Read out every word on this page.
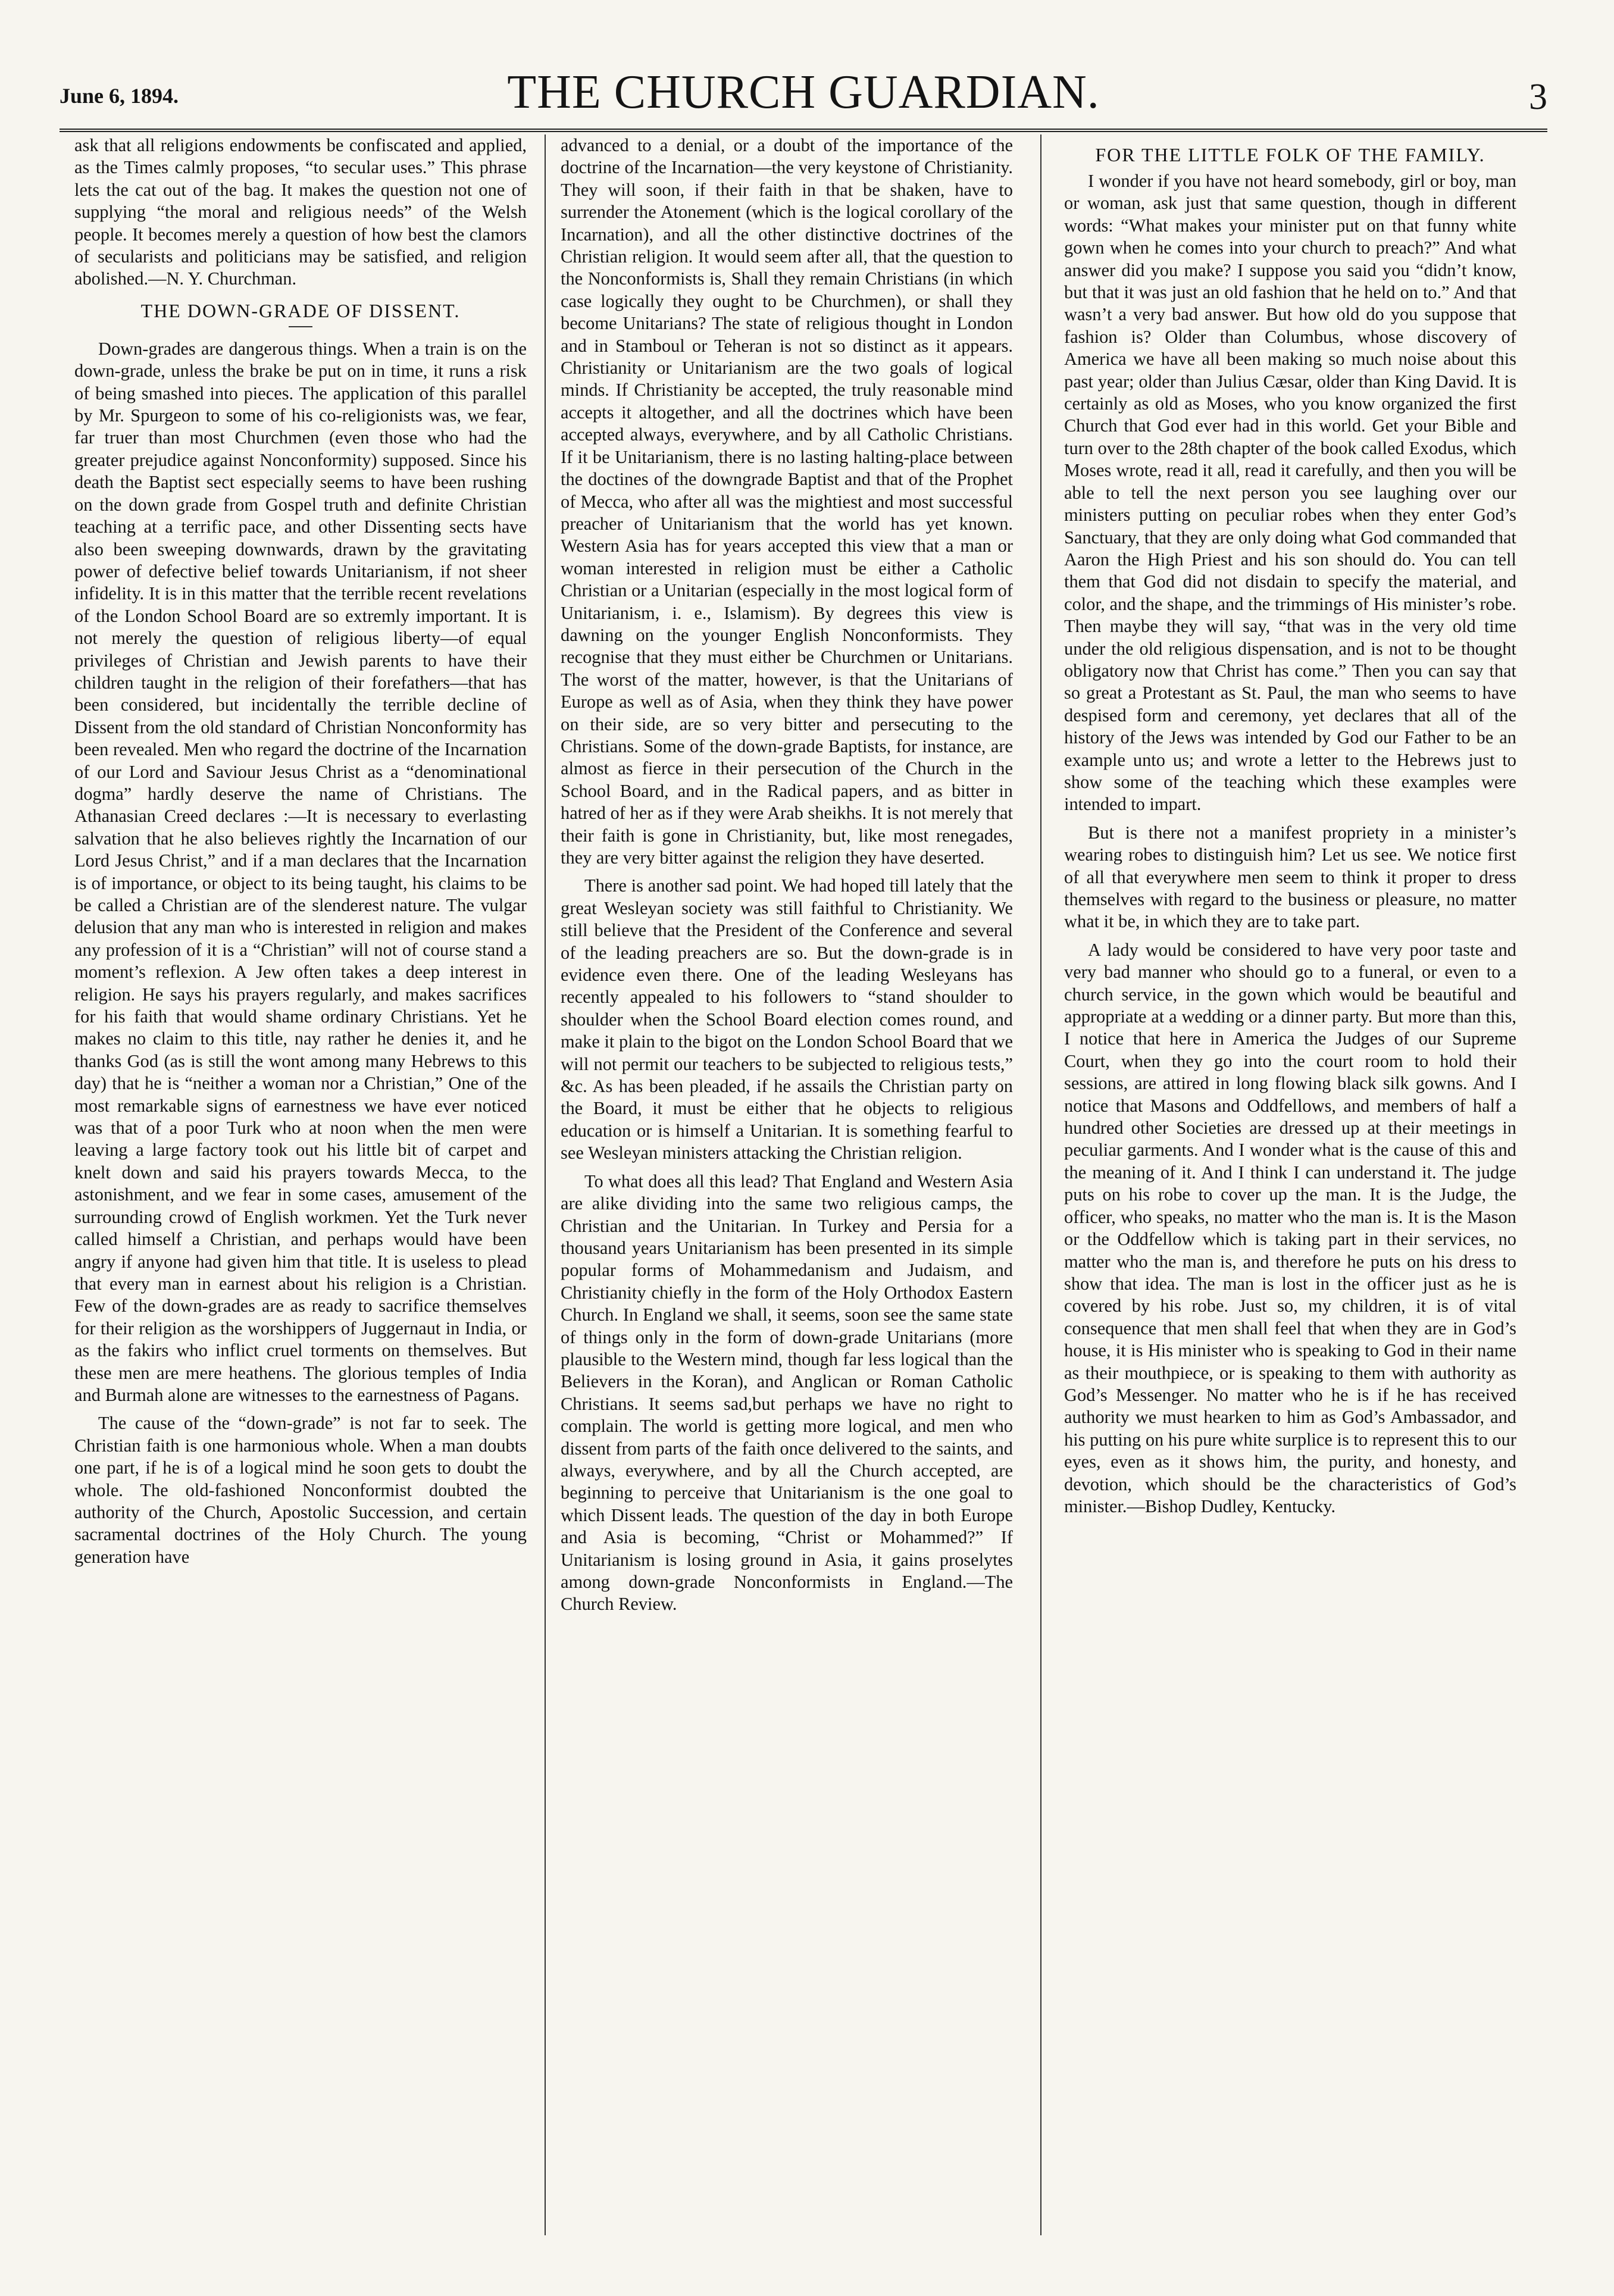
June 6, 1894.	THE CHURCH GUARDIAN.	3

ask that all religions endowments be confiscated and applied, as the Times calmly proposes, “to secular uses.” This phrase lets the cat out of the bag. It makes the question not one of supplying “the moral and religious needs” of the Welsh people. It becomes merely a question of how best the clamors of secularists and politicians may be satisfied, and religion abolished.—N. Y. Churchman.

THE DOWN-GRADE OF DISSENT.

Down-grades are dangerous things. When a train is on the down-grade, unless the brake be put on in time, it runs a risk of being smashed into pieces. The application of this parallel by Mr. Spurgeon to some of his co-religionists was, we fear, far truer than most Churchmen (even those who had the greater prejudice against Nonconformity) supposed. Since his death the Baptist sect especially seems to have been rushing on the down grade from Gospel truth and definite Christian teaching at a terrific pace, and other Dissenting sects have also been sweeping downwards, drawn by the gravitating power of defective belief towards Unitarianism, if not sheer infidelity. It is in this matter that the terrible recent revelations of the London School Board are so extremly important. It is not merely the question of religious liberty—of equal privileges of Christian and Jewish parents to have their children taught in the religion of their forefathers—that has been considered, but incidentally the terrible decline of Dissent from the old standard of Christian Nonconformity has been revealed. Men who regard the doctrine of the Incarnation of our Lord and Saviour Jesus Christ as a “denominational dogma” hardly deserve the name of Christians. The Athanasian Creed declares :—It is necessary to everlasting salvation that he also believes rightly the Incarnation of our Lord Jesus Christ,” and if a man declares that the Incarnation is of importance, or object to its being taught, his claims to be be called a Christian are of the slenderest nature. The vulgar delusion that any man who is interested in religion and makes any profession of it is a “Christian” will not of course stand a moment’s reflexion. A Jew often takes a deep interest in religion. He says his prayers regularly, and makes sacrifices for his faith that would shame ordinary Christians. Yet he makes no claim to this title, nay rather he denies it, and he thanks God (as is still the wont among many Hebrews to this day) that he is “neither a woman nor a Christian,” One of the most remarkable signs of earnestness we have ever noticed was that of a poor Turk who at noon when the men were leaving a large factory took out his little bit of carpet and knelt down and said his prayers towards Mecca, to the astonishment, and we fear in some cases, amusement of the surrounding crowd of English workmen. Yet the Turk never called himself a Christian, and perhaps would have been angry if anyone had given him that title. It is useless to plead that every man in earnest about his religion is a Christian. Few of the down-grades are as ready to sacrifice themselves for their religion as the worshippers of Juggernaut in India, or as the fakirs who inflict cruel torments on themselves. But these men are mere heathens. The glorious temples of India and Burmah alone are witnesses to the earnestness of Pagans.

The cause of the “down-grade” is not far to seek. The Christian faith is one harmonious whole. When a man doubts one part, if he is of a logical mind he soon gets to doubt the whole. The old-fashioned Nonconformist doubted the authority of the Church, Apostolic Succession, and certain sacramental doctrines of the Holy Church. The young generation have

advanced to a denial, or a doubt of the importance of the doctrine of the Incarnation—the very keystone of Christianity. They will soon, if their faith in that be shaken, have to surrender the Atonement (which is the logical corollary of the Incarnation), and all the other distinctive doctrines of the Christian religion. It would seem after all, that the question to the Nonconformists is, Shall they remain Christians (in which case logically they ought to be Churchmen), or shall they become Unitarians? The state of religious thought in London and in Stamboul or Teheran is not so distinct as it appears. Christianity or Unitarianism are the two goals of logical minds. If Christianity be accepted, the truly reasonable mind accepts it altogether, and all the doctrines which have been accepted always, everywhere, and by all Catholic Christians. If it be Unitarianism, there is no lasting halting-place between the doctines of the downgrade Baptist and that of the Prophet of Mecca, who after all was the mightiest and most successful preacher of Unitarianism that the world has yet known. Western Asia has for years accepted this view that a man or woman interested in religion must be either a Catholic Christian or a Unitarian (especially in the most logical form of Unitarianism, i. e., Islamism). By degrees this view is dawning on the younger English Nonconformists. They recognise that they must either be Churchmen or Unitarians. The worst of the matter, however, is that the Unitarians of Europe as well as of Asia, when they think they have power on their side, are so very bitter and persecuting to the Christians. Some of the down-grade Baptists, for instance, are almost as fierce in their persecution of the Church in the School Board, and in the Radical papers, and as bitter in hatred of her as if they were Arab sheikhs. It is not merely that their faith is gone in Christianity, but, like most renegades, they are very bitter against the religion they have deserted.

There is another sad point. We had hoped till lately that the great Wesleyan society was still faithful to Christianity. We still believe that the President of the Conference and several of the leading preachers are so. But the down-grade is in evidence even there. One of the leading Wesleyans has recently appealed to his followers to “stand shoulder to shoulder when the School Board election comes round, and make it plain to the bigot on the London School Board that we will not permit our teachers to be subjected to religious tests,” &c. As has been pleaded, if he assails the Christian party on the Board, it must be either that he objects to religious education or is himself a Unitarian. It is something fearful to see Wesleyan ministers attacking the Christian religion.

To what does all this lead? That England and Western Asia are alike dividing into the same two religious camps, the Christian and the Unitarian. In Turkey and Persia for a thousand years Unitarianism has been presented in its simple popular forms of Mohammedanism and Judaism, and Christianity chiefly in the form of the Holy Orthodox Eastern Church. In England we shall, it seems, soon see the same state of things only in the form of down-grade Unitarians (more plausible to the Western mind, though far less logical than the Believers in the Koran), and Anglican or Roman Catholic Christians. It seems sad,but perhaps we have no right to complain. The world is getting more logical, and men who dissent from parts of the faith once delivered to the saints, and always, everywhere, and by all the Church accepted, are beginning to perceive that Unitarianism is the one goal to which Dissent leads. The question of the day in both Europe and Asia is becoming, “Christ or Mohammed?” If Unitarianism is losing ground in Asia, it gains proselytes among down-grade Nonconformists in England.—The Church Review.

FOR THE LITTLE FOLK OF THE FAMILY.

I wonder if you have not heard somebody, girl or boy, man or woman, ask just that same question, though in different words: “What makes your minister put on that funny white gown when he comes into your church to preach?” And what answer did you make? I suppose you said you “didn’t know, but that it was just an old fashion that he held on to.” And that wasn’t a very bad answer. But how old do you suppose that fashion is? Older than Columbus, whose discovery of America we have all been making so much noise about this past year; older than Julius Cæsar, older than King David. It is certainly as old as Moses, who you know organized the first Church that God ever had in this world. Get your Bible and turn over to the 28th chapter of the book called Exodus, which Moses wrote, read it all, read it carefully, and then you will be able to tell the next person you see laughing over our ministers putting on peculiar robes when they enter God’s Sanctuary, that they are only doing what God commanded that Aaron the High Priest and his son should do. You can tell them that God did not disdain to specify the material, and color, and the shape, and the trimmings of His minister’s robe. Then maybe they will say, “that was in the very old time under the old religious dispensation, and is not to be thought obligatory now that Christ has come.” Then you can say that so great a Protestant as St. Paul, the man who seems to have despised form and ceremony, yet declares that all of the history of the Jews was intended by God our Father to be an example unto us; and wrote a letter to the Hebrews just to show some of the teaching which these examples were intended to impart.

But is there not a manifest propriety in a minister’s wearing robes to distinguish him? Let us see. We notice first of all that everywhere men seem to think it proper to dress themselves with regard to the business or pleasure, no matter what it be, in which they are to take part.

A lady would be considered to have very poor taste and very bad manner who should go to a funeral, or even to a church service, in the gown which would be beautiful and appropriate at a wedding or a dinner party. But more than this, I notice that here in America the Judges of our Supreme Court, when they go into the court room to hold their sessions, are attired in long flowing black silk gowns. And I notice that Masons and Oddfellows, and members of half a hundred other Societies are dressed up at their meetings in peculiar garments. And I wonder what is the cause of this and the meaning of it. And I think I can understand it. The judge puts on his robe to cover up the man. It is the Judge, the officer, who speaks, no matter who the man is. It is the Mason or the Oddfellow which is taking part in their services, no matter who the man is, and therefore he puts on his dress to show that idea. The man is lost in the officer just as he is covered by his robe. Just so, my children, it is of vital consequence that men shall feel that when they are in God’s house, it is His minister who is speaking to God in their name as their mouthpiece, or is speaking to them with authority as God’s Messenger. No matter who he is if he has received authority we must hearken to him as God’s Ambassador, and his putting on his pure white surplice is to represent this to our eyes, even as it shows him, the purity, and honesty, and devotion, which should be the characteristics of God’s minister.—Bishop Dudley, Kentucky.
